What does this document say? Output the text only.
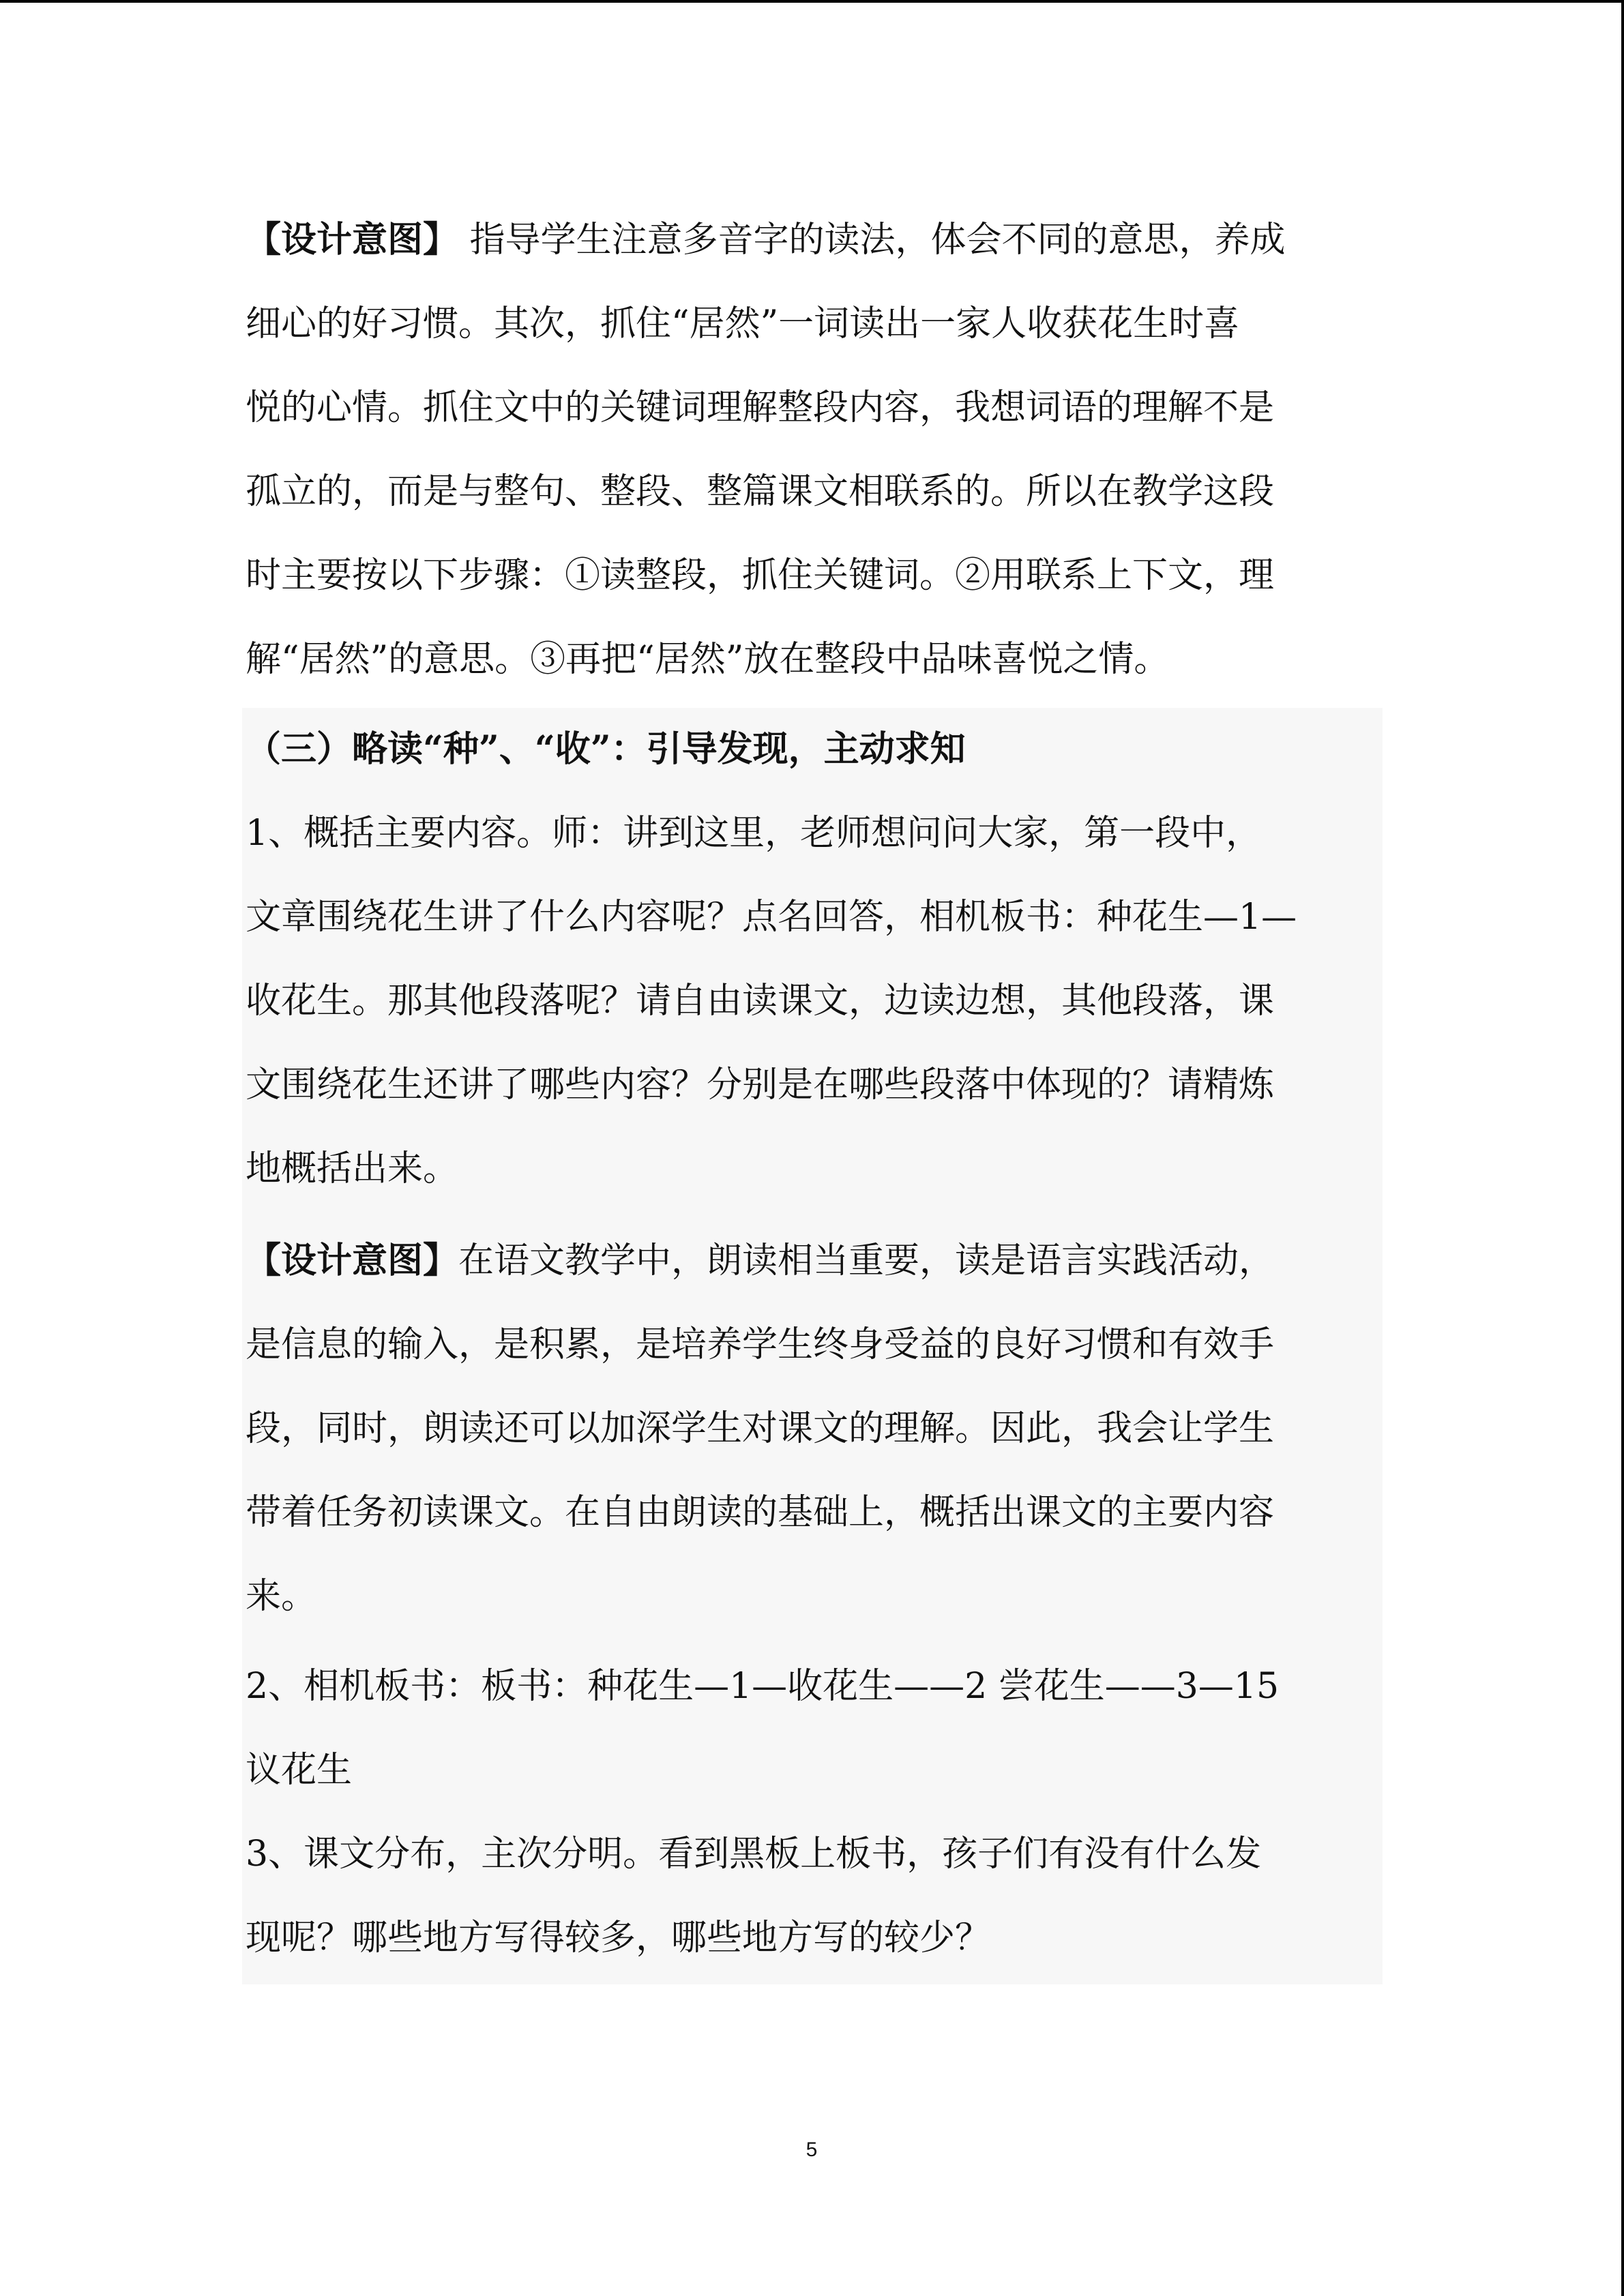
【设计意图】 指导学生注意多音字的读法，体会不同的意思，养成
细心的好习惯。其次，抓住“居然”一词读出一家人收获花生时喜
悦的心情。抓住文中的关键词理解整段内容，我想词语的理解不是
孤立的，而是与整句、整段、整篇课文相联系的。所以在教学这段
时主要按以下步骤：①读整段，抓住关键词。②用联系上下文，理
解“居然”的意思。③再把“居然”放在整段中品味喜悦之情。
（三）略读“种”、“收”：引导发现，主动求知
1、概括主要内容。师：讲到这里，老师想问问大家，第一段中，
文章围绕花生讲了什么内容呢？点名回答，相机板书：种花生—1—
收花生。那其他段落呢？请自由读课文，边读边想，其他段落，课
文围绕花生还讲了哪些内容？分别是在哪些段落中体现的？请精炼
地概括出来。
【设计意图】在语文教学中，朗读相当重要，读是语言实践活动，
是信息的输入，是积累，是培养学生终身受益的良好习惯和有效手
段，同时，朗读还可以加深学生对课文的理解。因此，我会让学生
带着任务初读课文。在自由朗读的基础上，概括出课文的主要内容
来。
2、相机板书：板书：种花生—1—收花生——2 尝花生——3—15
议花生
3、课文分布，主次分明。看到黑板上板书，孩子们有没有什么发
现呢？哪些地方写得较多，哪些地方写的较少？
5
